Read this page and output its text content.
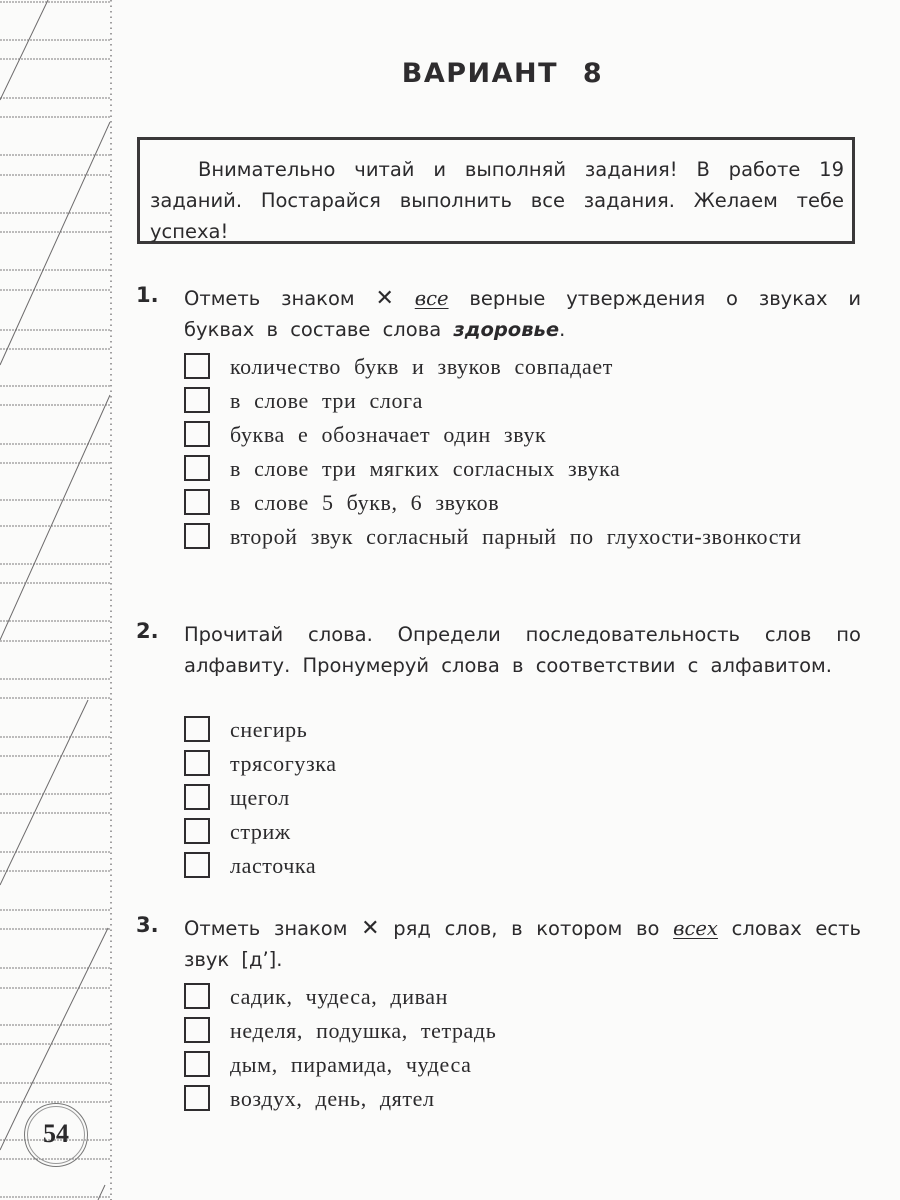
54
ВАРИАНТ 8
Внимательно читай и выполняй задания! В работе 19 заданий. Постарайся выполнить все задания. Желаем тебе успеха!
1. Отметь знаком ✕ все верные утверждения о звуках и буквах в составе слова здоровье.
количество букв и звуков совпадает
в слове три слога
буква е обозначает один звук
в слове три мягких согласных звука
в слове 5 букв, 6 звуков
второй звук согласный парный по глухости-звонкости
2. Прочитай слова. Определи последовательность слов по алфавиту. Пронумеруй слова в соответствии с алфавитом.
снегирь
трясогузка
щегол
стриж
ласточка
3. Отметь знаком ✕ ряд слов, в котором во всех словах есть звук [д’].
садик, чудеса, диван
неделя, подушка, тетрадь
дым, пирамида, чудеса
воздух, день, дятел
